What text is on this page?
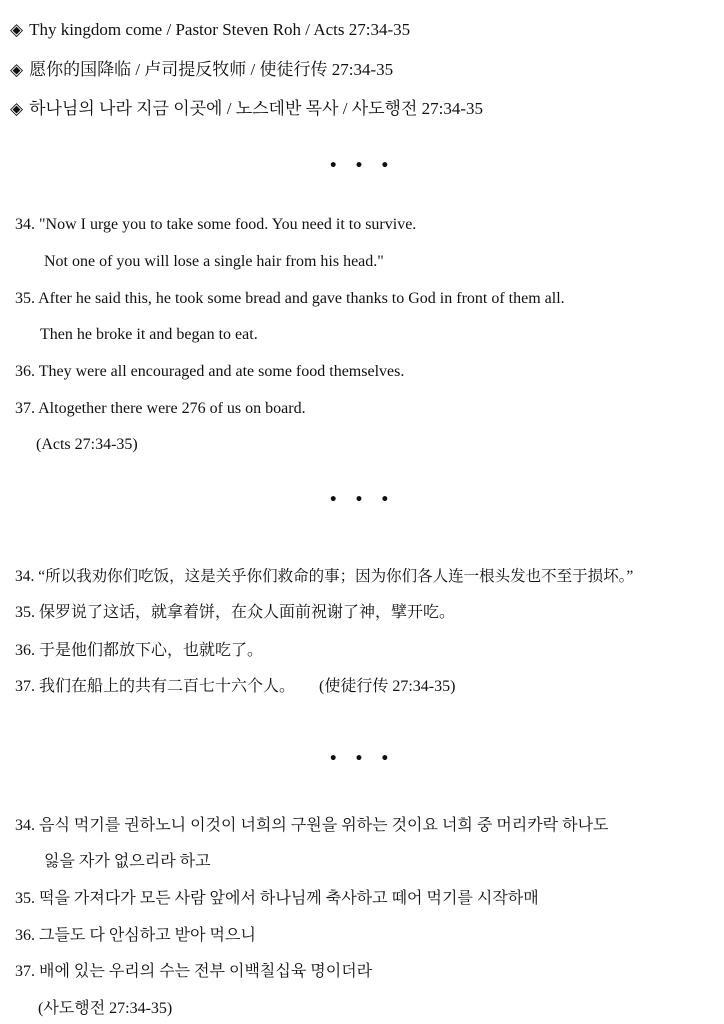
◈ Thy kingdom come / Pastor Steven Roh / Acts 27:34-35
◈ 愿你的国降临 / 卢司提反牧师 / 使徒行传 27:34-35
◈ 하나님의 나라 지금 이곳에 / 노스데반 목사 / 사도행전 27:34-35
• • •
34. "Now I urge you to take some food. You need it to survive.
Not one of you will lose a single hair from his head."
35. After he said this, he took some bread and gave thanks to God in front of them all.
Then he broke it and began to eat.
36. They were all encouraged and ate some food themselves.
37. Altogether there were 276 of us on board.
(Acts 27:34-35)
• • •
34. “所以我劝你们吃饭，这是关乎你们救命的事；因为你们各人连一根头发也不至于损坏。”
35. 保罗说了这话，就拿着饼，在众人面前祝谢了神，擘开吃。
36. 于是他们都放下心，也就吃了。
37. 我们在船上的共有二百七十六个人。 (使徒行传 27:34-35)
• • •
34. 음식 먹기를 권하노니 이것이 너희의 구원을 위하는 것이요 너희 중 머리카락 하나도
잃을 자가 없으리라 하고
35. 떡을 가져다가 모든 사람 앞에서 하나님께 축사하고 떼어 먹기를 시작하매
36. 그들도 다 안심하고 받아 먹으니
37. 배에 있는 우리의 수는 전부 이백칠십육 명이더라
(사도행전 27:34-35)
